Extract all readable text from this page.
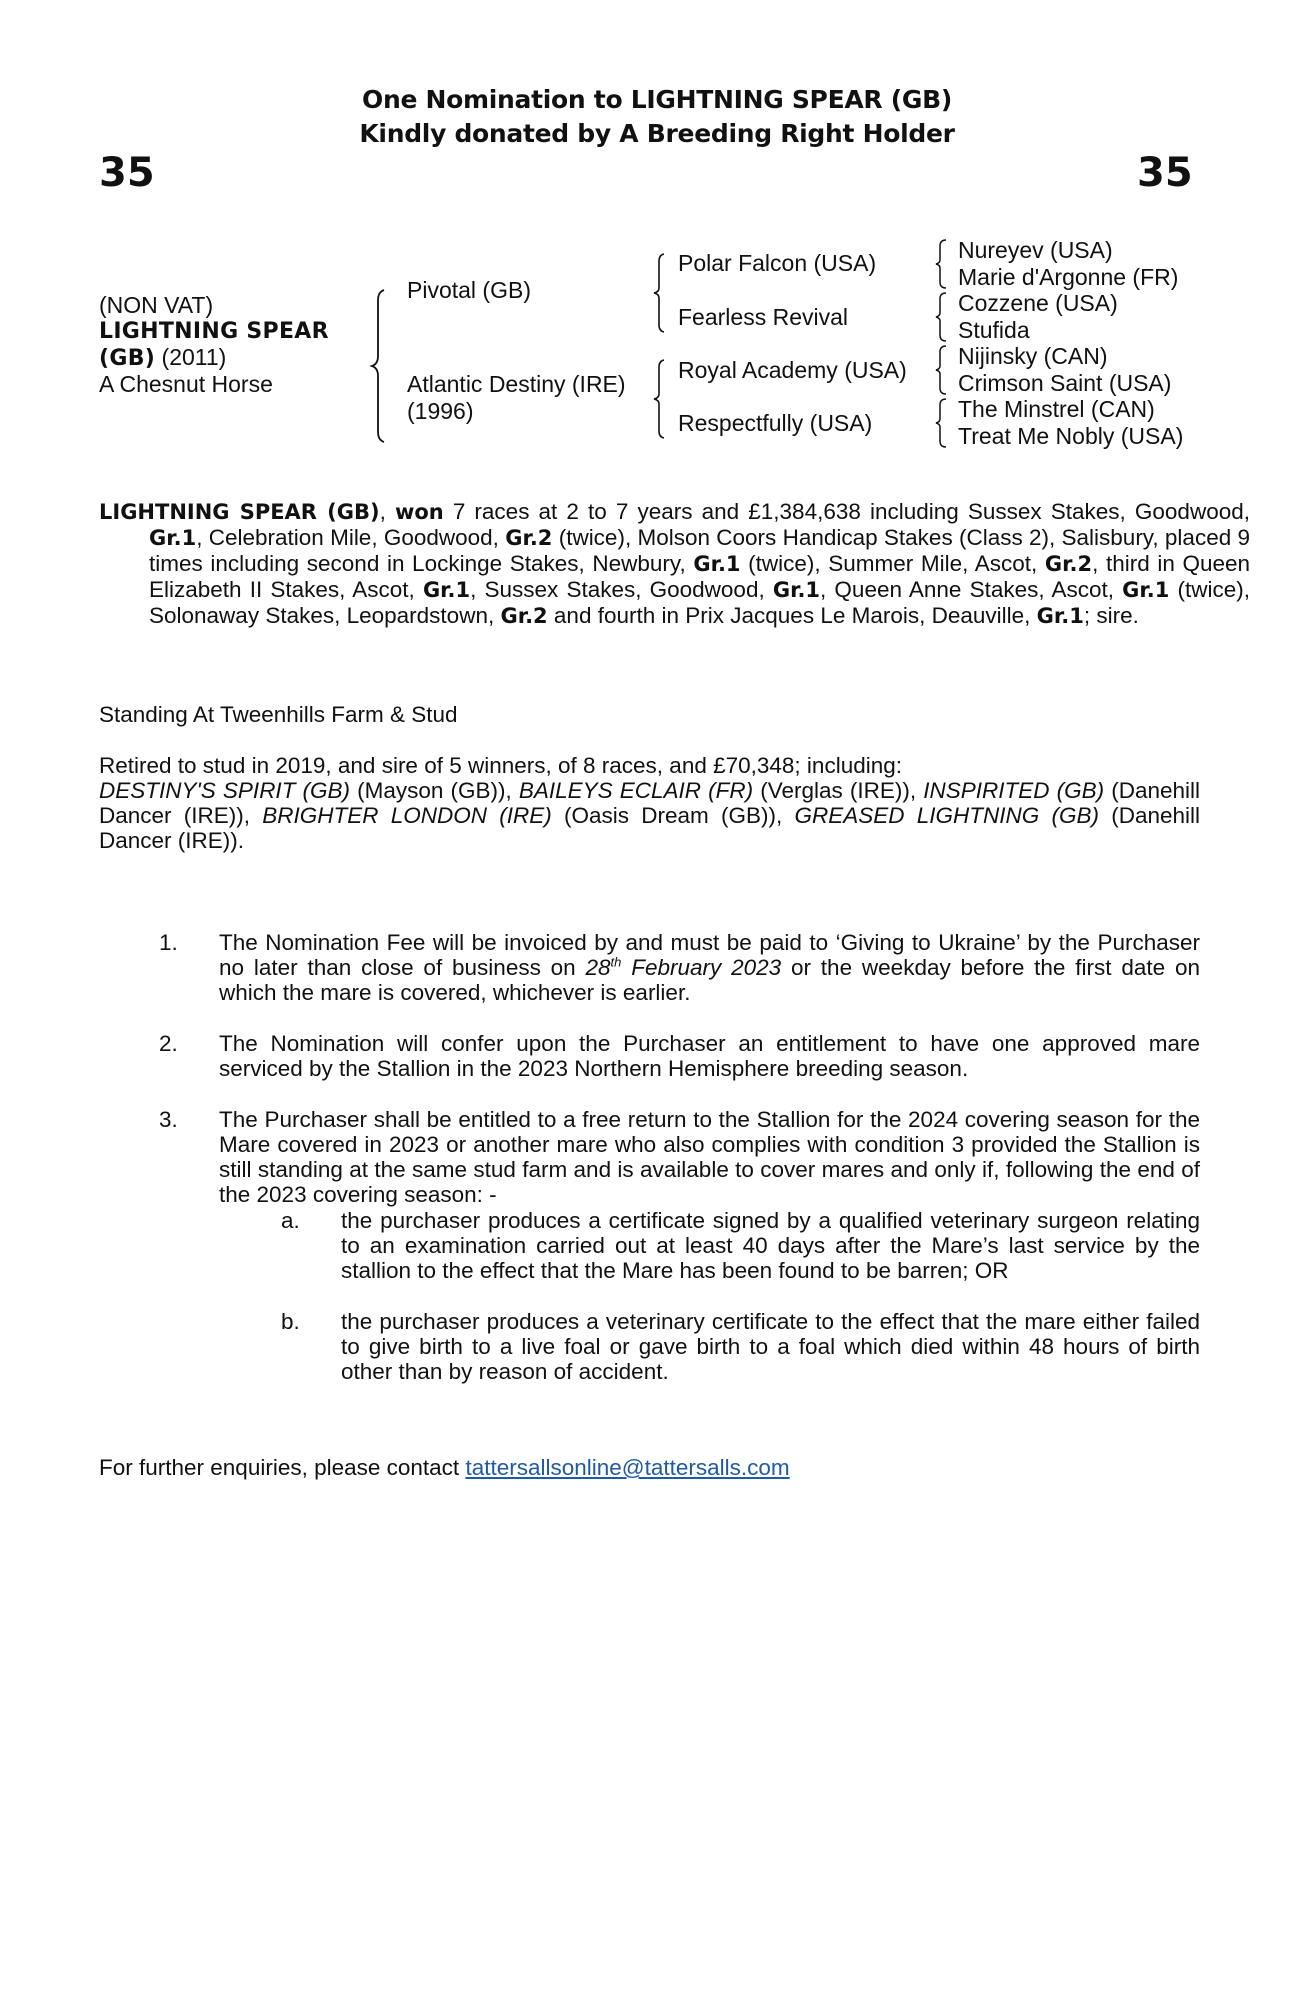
One Nomination to LIGHTNING SPEAR (GB)
Kindly donated by A Breeding Right Holder
35	35
(NON VAT)
LIGHTNING SPEAR
(GB) (2011)
A Chesnut Horse
Pivotal (GB)
Atlantic Destiny (IRE)
(1996)
Polar Falcon (USA)
Fearless Revival
Royal Academy (USA)
Respectfully (USA)
Nureyev (USA)
Marie d'Argonne (FR)
Cozzene (USA)
Stufida
Nijinsky (CAN)
Crimson Saint (USA)
The Minstrel (CAN)
Treat Me Nobly (USA)
LIGHTNING SPEAR (GB), won 7 races at 2 to 7 years and £1,384,638 including Sussex Stakes, Goodwood, Gr.1, Celebration Mile, Goodwood, Gr.2 (twice), Molson Coors Handicap Stakes (Class 2), Salisbury, placed 9 times including second in Lockinge Stakes, Newbury, Gr.1 (twice), Summer Mile, Ascot, Gr.2, third in Queen Elizabeth II Stakes, Ascot, Gr.1, Sussex Stakes, Goodwood, Gr.1, Queen Anne Stakes, Ascot, Gr.1 (twice), Solonaway Stakes, Leopardstown, Gr.2 and fourth in Prix Jacques Le Marois, Deauville, Gr.1; sire.
Standing At Tweenhills Farm & Stud
Retired to stud in 2019, and sire of 5 winners, of 8 races, and £70,348; including:
DESTINY'S SPIRIT (GB) (Mayson (GB)), BAILEYS ECLAIR (FR) (Verglas (IRE)), INSPIRITED (GB) (Danehill Dancer (IRE)), BRIGHTER LONDON (IRE) (Oasis Dream (GB)), GREASED LIGHTNING (GB) (Danehill Dancer (IRE)).
1. The Nomination Fee will be invoiced by and must be paid to ‘Giving to Ukraine’ by the Purchaser no later than close of business on 28th February 2023 or the weekday before the first date on which the mare is covered, whichever is earlier.
2. The Nomination will confer upon the Purchaser an entitlement to have one approved mare serviced by the Stallion in the 2023 Northern Hemisphere breeding season.
3. The Purchaser shall be entitled to a free return to the Stallion for the 2024 covering season for the Mare covered in 2023 or another mare who also complies with condition 3 provided the Stallion is still standing at the same stud farm and is available to cover mares and only if, following the end of the 2023 covering season: -
a. the purchaser produces a certificate signed by a qualified veterinary surgeon relating to an examination carried out at least 40 days after the Mare’s last service by the stallion to the effect that the Mare has been found to be barren; OR
b. the purchaser produces a veterinary certificate to the effect that the mare either failed to give birth to a live foal or gave birth to a foal which died within 48 hours of birth other than by reason of accident.
For further enquiries, please contact tattersallsonline@tattersalls.com
